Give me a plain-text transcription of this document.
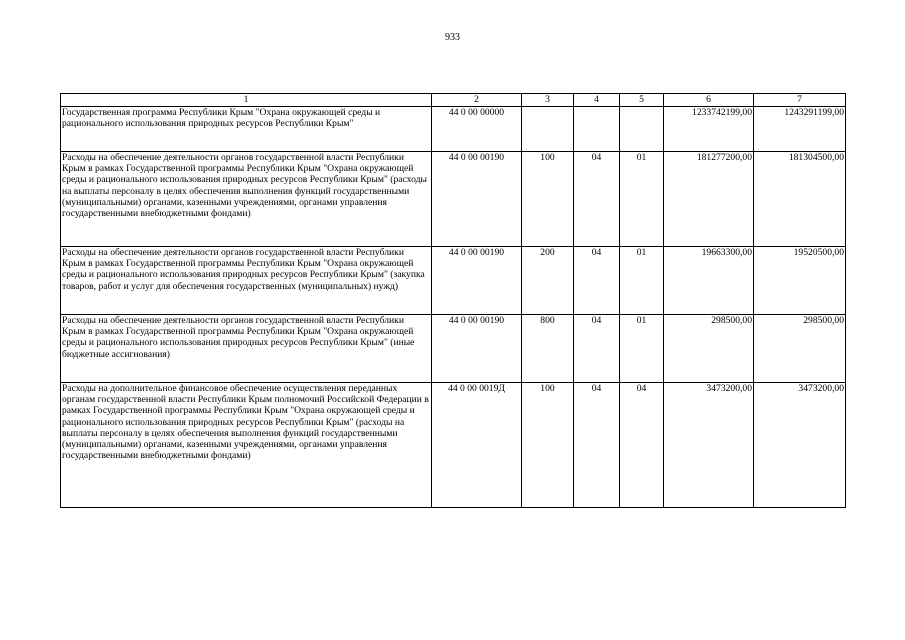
933
1	2	3	4	5	6	7
Государственная программа Республики Крым "Охрана окружающей среды и рационального использования природных ресурсов Республики Крым"	44 0 00 00000				1233742199,00	1243291199,00
Расходы на обеспечение деятельности органов государственной власти Республики Крым в рамках Государственной программы Республики Крым "Охрана окружающей среды и рационального использования природных ресурсов Республики Крым" (расходы на выплаты персоналу в целях обеспечения выполнения функций государственными (муниципальными) органами, казенными учреждениями, органами управления государственными внебюджетными фондами)	44 0 00 00190	100	04	01	181277200,00	181304500,00
Расходы на обеспечение деятельности органов государственной власти Республики Крым в рамках Государственной программы Республики Крым "Охрана окружающей среды и рационального использования природных ресурсов Республики Крым" (закупка товаров, работ и услуг для обеспечения государственных (муниципальных) нужд)	44 0 00 00190	200	04	01	19663300,00	19520500,00
Расходы на обеспечение деятельности органов государственной власти Республики Крым в рамках Государственной программы Республики Крым "Охрана окружающей среды и рационального использования природных ресурсов Республики Крым" (иные бюджетные ассигнования)	44 0 00 00190	800	04	01	298500,00	298500,00
Расходы на дополнительное финансовое обеспечение осуществления переданных органам государственной власти Республики Крым полномочий Российской Федерации в рамках Государственной программы Республики Крым "Охрана окружающей среды и рационального использования природных ресурсов Республики Крым" (расходы на выплаты персоналу в целях обеспечения выполнения функций государственными (муниципальными) органами, казенными учреждениями, органами управления государственными внебюджетными фондами)	44 0 00 0019Д	100	04	04	3473200,00	3473200,00
